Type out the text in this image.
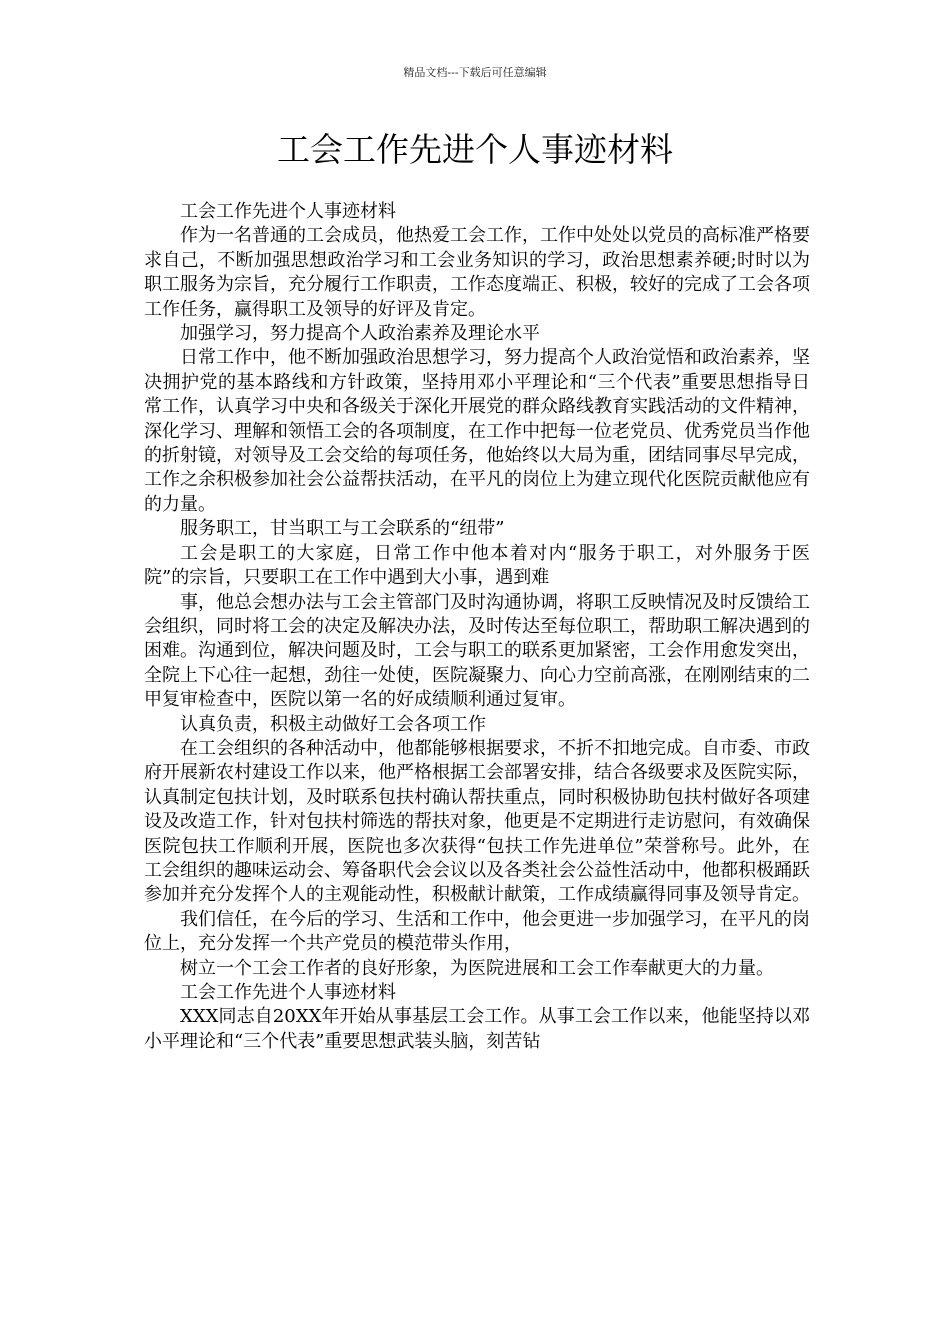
精品文档---下载后可任意编辑
工会工作先进个人事迹材料

工会工作先进个人事迹材料

作为一名普通的工会成员，他热爱工会工作，工作中处处以党员的高标准严格要求自己，不断加强思想政治学习和工会业务知识的学习，政治思想素养硬;时时以为职工服务为宗旨，充分履行工作职责，工作态度端正、积极，较好的完成了工会各项工作任务，赢得职工及领导的好评及肯定。

加强学习，努力提高个人政治素养及理论水平

日常工作中，他不断加强政治思想学习，努力提高个人政治觉悟和政治素养，坚决拥护党的基本路线和方针政策，坚持用邓小平理论和“三个代表”重要思想指导日常工作，认真学习中央和各级关于深化开展党的群众路线教育实践活动的文件精神，深化学习、理解和领悟工会的各项制度，在工作中把每一位老党员、优秀党员当作他的折射镜，对领导及工会交给的每项任务，他始终以大局为重，团结同事尽早完成，工作之余积极参加社会公益帮扶活动，在平凡的岗位上为建立现代化医院贡献他应有的力量。

服务职工，甘当职工与工会联系的“纽带”

工会是职工的大家庭，日常工作中他本着对内“服务于职工，对外服务于医院”的宗旨，只要职工在工作中遇到大小事，遇到难

事，他总会想办法与工会主管部门及时沟通协调，将职工反映情况及时反馈给工会组织，同时将工会的决定及解决办法，及时传达至每位职工，帮助职工解决遇到的困难。沟通到位，解决问题及时，工会与职工的联系更加紧密，工会作用愈发突出，全院上下心往一起想，劲往一处使，医院凝聚力、向心力空前高涨，在刚刚结束的二甲复审检查中，医院以第一名的好成绩顺利通过复审。

认真负责，积极主动做好工会各项工作

在工会组织的各种活动中，他都能够根据要求，不折不扣地完成。自市委、市政府开展新农村建设工作以来，他严格根据工会部署安排，结合各级要求及医院实际，认真制定包扶计划，及时联系包扶村确认帮扶重点，同时积极协助包扶村做好各项建设及改造工作，针对包扶村筛选的帮扶对象，他更是不定期进行走访慰问，有效确保医院包扶工作顺利开展，医院也多次获得“包扶工作先进单位”荣誉称号。此外，在工会组织的趣味运动会、筹备职代会会议以及各类社会公益性活动中，他都积极踊跃参加并充分发挥个人的主观能动性，积极献计献策，工作成绩赢得同事及领导肯定。

我们信任，在今后的学习、生活和工作中，他会更进一步加强学习，在平凡的岗位上，充分发挥一个共产党员的模范带头作用，

树立一个工会工作者的良好形象，为医院进展和工会工作奉献更大的力量。

工会工作先进个人事迹材料

XXX同志自20XX年开始从事基层工会工作。从事工会工作以来，他能坚持以邓小平理论和“三个代表”重要思想武装头脑，刻苦钻
